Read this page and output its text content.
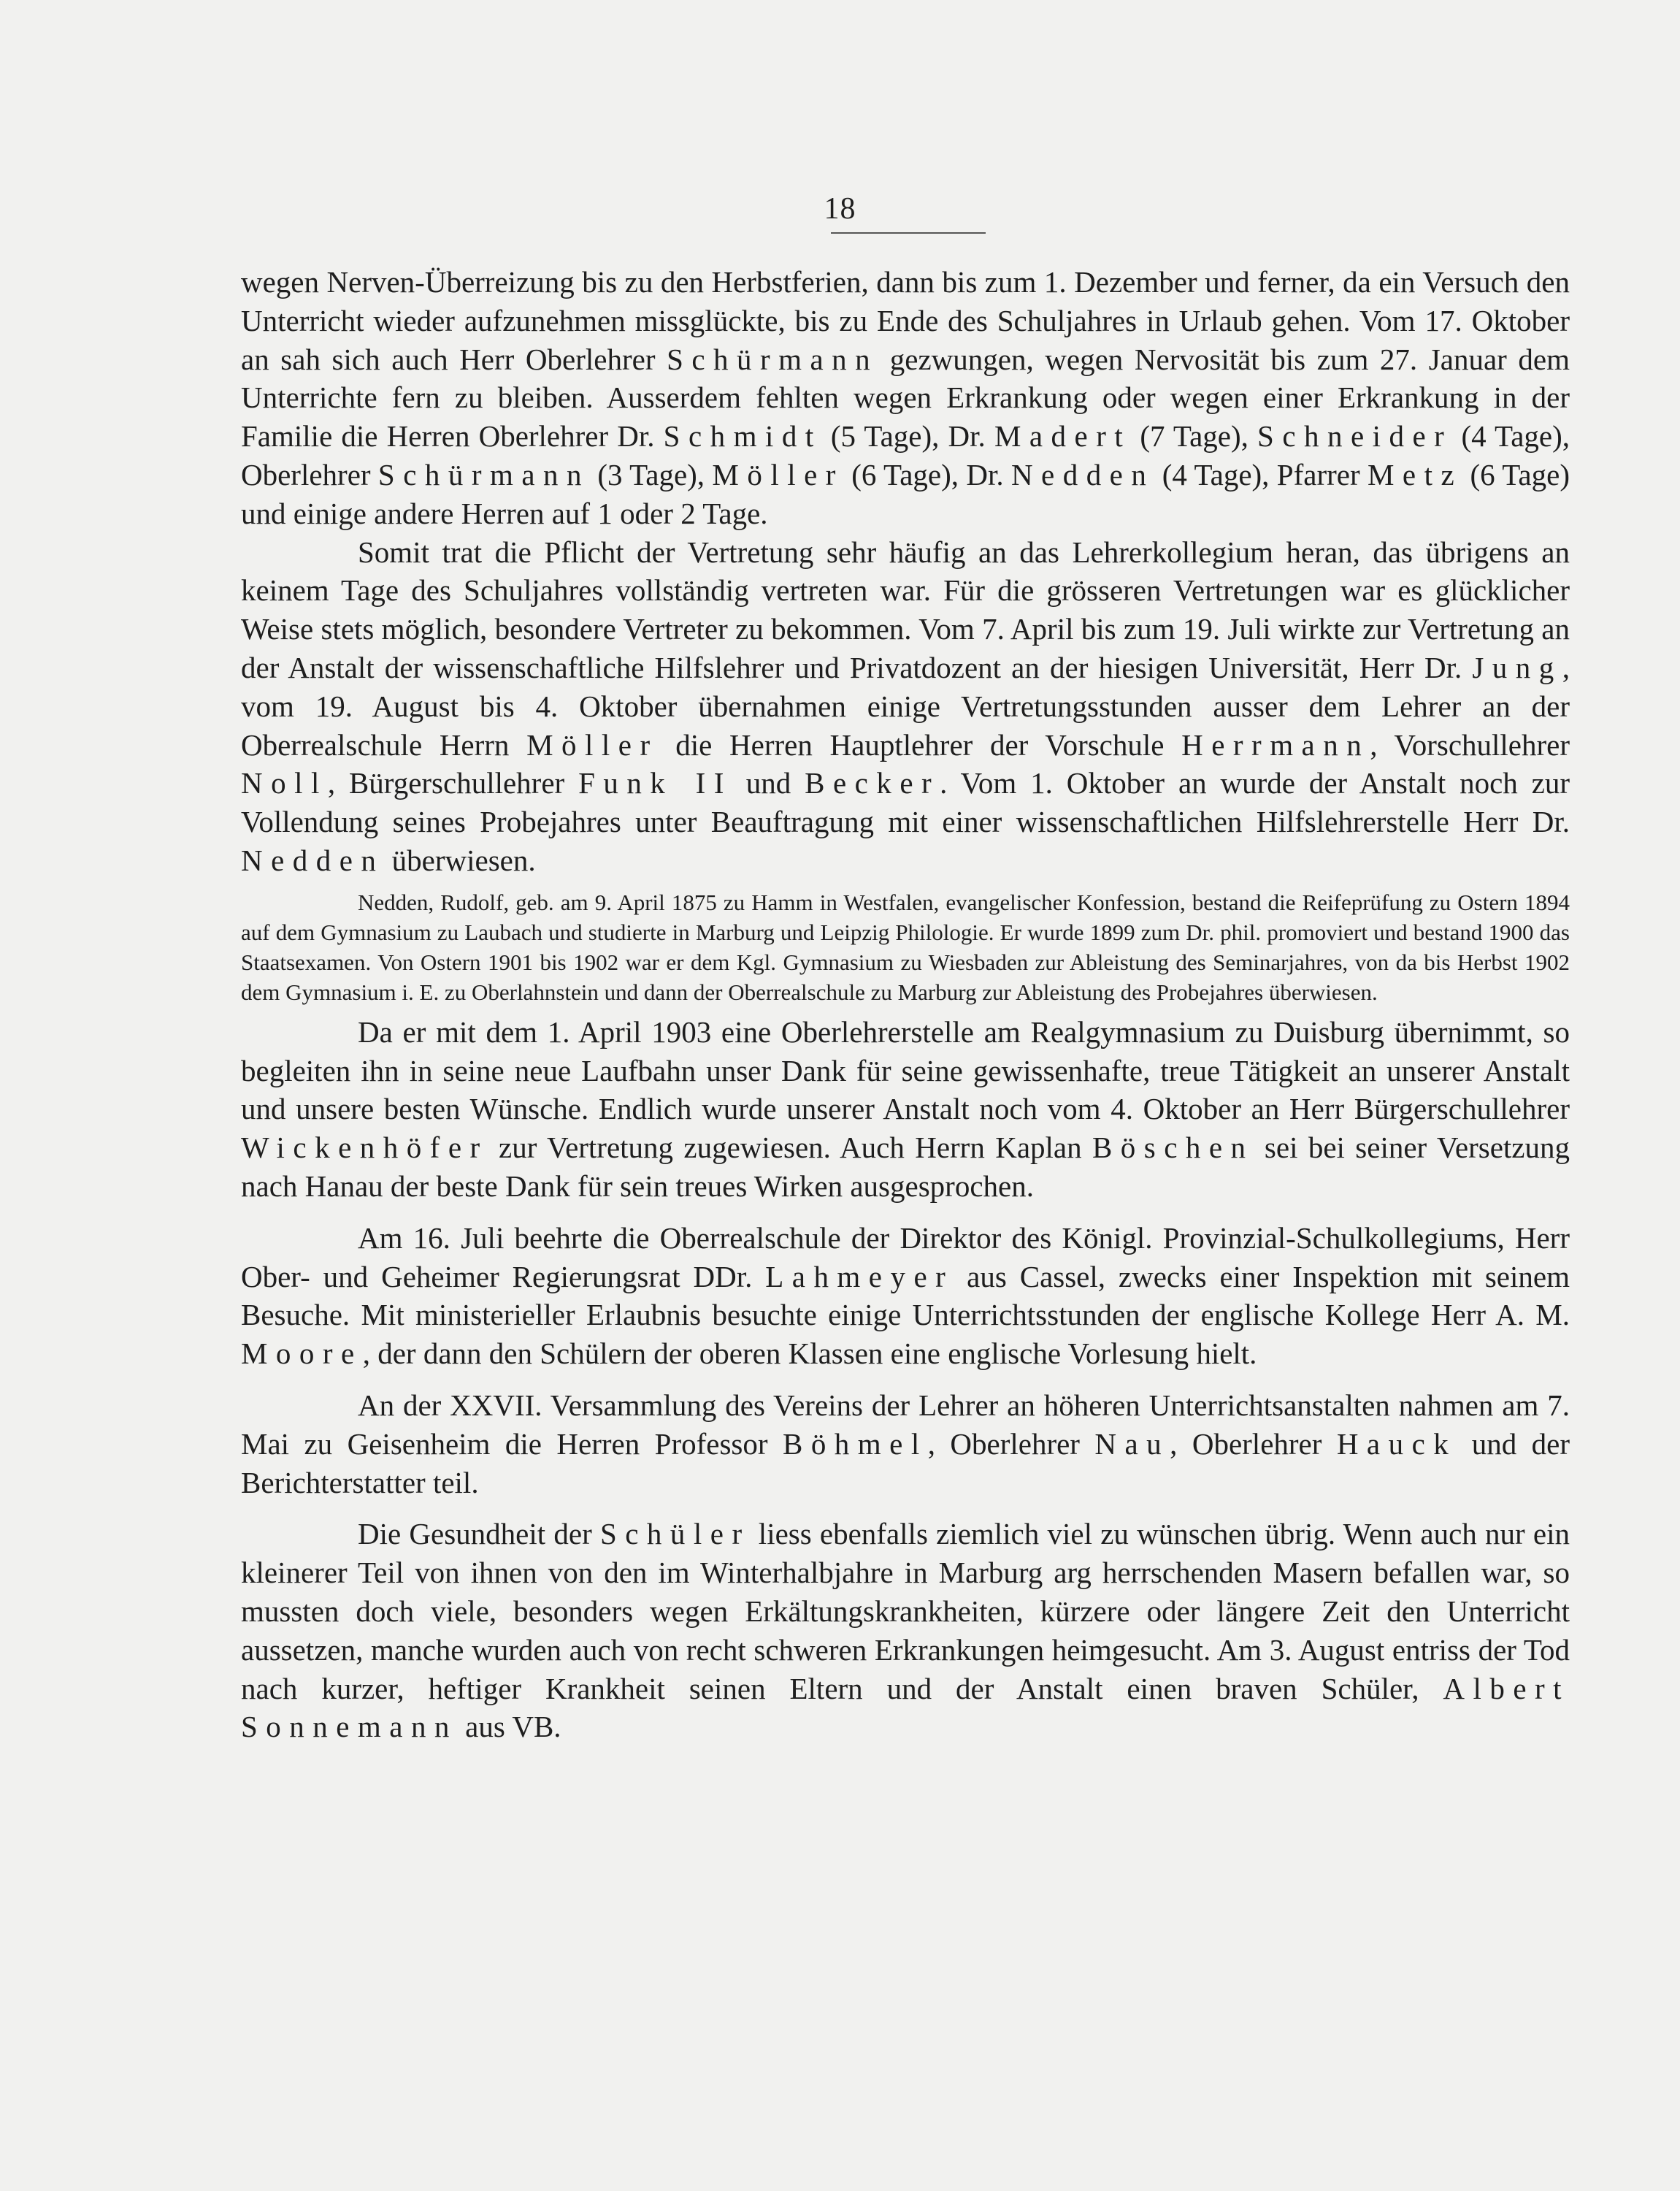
18

wegen Nerven-Überreizung bis zu den Herbstferien, dann bis zum 1. Dezember und ferner, da ein Versuch den Unterricht wieder aufzunehmen missglückte, bis zu Ende des Schuljahres in Urlaub gehen. Vom 17. Oktober an sah sich auch Herr Oberlehrer Schürmann gezwungen, wegen Nervosität bis zum 27. Januar dem Unterrichte fern zu bleiben. Ausserdem fehlten wegen Erkrankung oder wegen einer Erkrankung in der Familie die Herren Oberlehrer Dr. Schmidt (5 Tage), Dr. Madert (7 Tage), Schneider (4 Tage), Oberlehrer Schürmann (3 Tage), Möller (6 Tage), Dr. Nedden (4 Tage), Pfarrer Metz (6 Tage) und einige andere Herren auf 1 oder 2 Tage.

Somit trat die Pflicht der Vertretung sehr häufig an das Lehrerkollegium heran, das übrigens an keinem Tage des Schuljahres vollständig vertreten war. Für die grösseren Vertretungen war es glücklicher Weise stets möglich, besondere Vertreter zu bekommen. Vom 7. April bis zum 19. Juli wirkte zur Vertretung an der Anstalt der wissenschaftliche Hilfslehrer und Privatdozent an der hiesigen Universität, Herr Dr. Jung, vom 19. August bis 4. Oktober übernahmen einige Vertretungsstunden ausser dem Lehrer an der Oberrealschule Herrn Möller die Herren Hauptlehrer der Vorschule Herrmann, Vorschullehrer Noll, Bürgerschullehrer Funk II und Becker. Vom 1. Oktober an wurde der Anstalt noch zur Vollendung seines Probejahres unter Beauftragung mit einer wissenschaftlichen Hilfslehrerstelle Herr Dr. Nedden überwiesen.

Nedden, Rudolf, geb. am 9. April 1875 zu Hamm in Westfalen, evangelischer Konfession, bestand die Reifeprüfung zu Ostern 1894 auf dem Gymnasium zu Laubach und studierte in Marburg und Leipzig Philologie. Er wurde 1899 zum Dr. phil. promoviert und bestand 1900 das Staatsexamen. Von Ostern 1901 bis 1902 war er dem Kgl. Gymnasium zu Wiesbaden zur Ableistung des Seminarjahres, von da bis Herbst 1902 dem Gymnasium i. E. zu Oberlahnstein und dann der Oberrealschule zu Marburg zur Ableistung des Probejahres überwiesen.

Da er mit dem 1. April 1903 eine Oberlehrerstelle am Realgymnasium zu Duisburg übernimmt, so begleiten ihn in seine neue Laufbahn unser Dank für seine gewissenhafte, treue Tätigkeit an unserer Anstalt und unsere besten Wünsche. Endlich wurde unserer Anstalt noch vom 4. Oktober an Herr Bürgerschullehrer Wickenhöfer zur Vertretung zugewiesen. Auch Herrn Kaplan Böschen sei bei seiner Versetzung nach Hanau der beste Dank für sein treues Wirken ausgesprochen.

Am 16. Juli beehrte die Oberrealschule der Direktor des Königl. Provinzial-Schulkollegiums, Herr Ober- und Geheimer Regierungsrat DDr. Lahmeyer aus Cassel, zwecks einer Inspektion mit seinem Besuche. Mit ministerieller Erlaubnis besuchte einige Unterrichtsstunden der englische Kollege Herr A. M. Moore, der dann den Schülern der oberen Klassen eine englische Vorlesung hielt.

An der XXVII. Versammlung des Vereins der Lehrer an höheren Unterrichtsanstalten nahmen am 7. Mai zu Geisenheim die Herren Professor Böhmel, Oberlehrer Nau, Oberlehrer Hauck und der Berichterstatter teil.

Die Gesundheit der Schüler liess ebenfalls ziemlich viel zu wünschen übrig. Wenn auch nur ein kleinerer Teil von ihnen von den im Winterhalbjahre in Marburg arg herrschenden Masern befallen war, so mussten doch viele, besonders wegen Erkältungskrankheiten, kürzere oder längere Zeit den Unterricht aussetzen, manche wurden auch von recht schweren Erkrankungen heimgesucht. Am 3. August entriss der Tod nach kurzer, heftiger Krankheit seinen Eltern und der Anstalt einen braven Schüler, Albert Sonnemann aus VB.
